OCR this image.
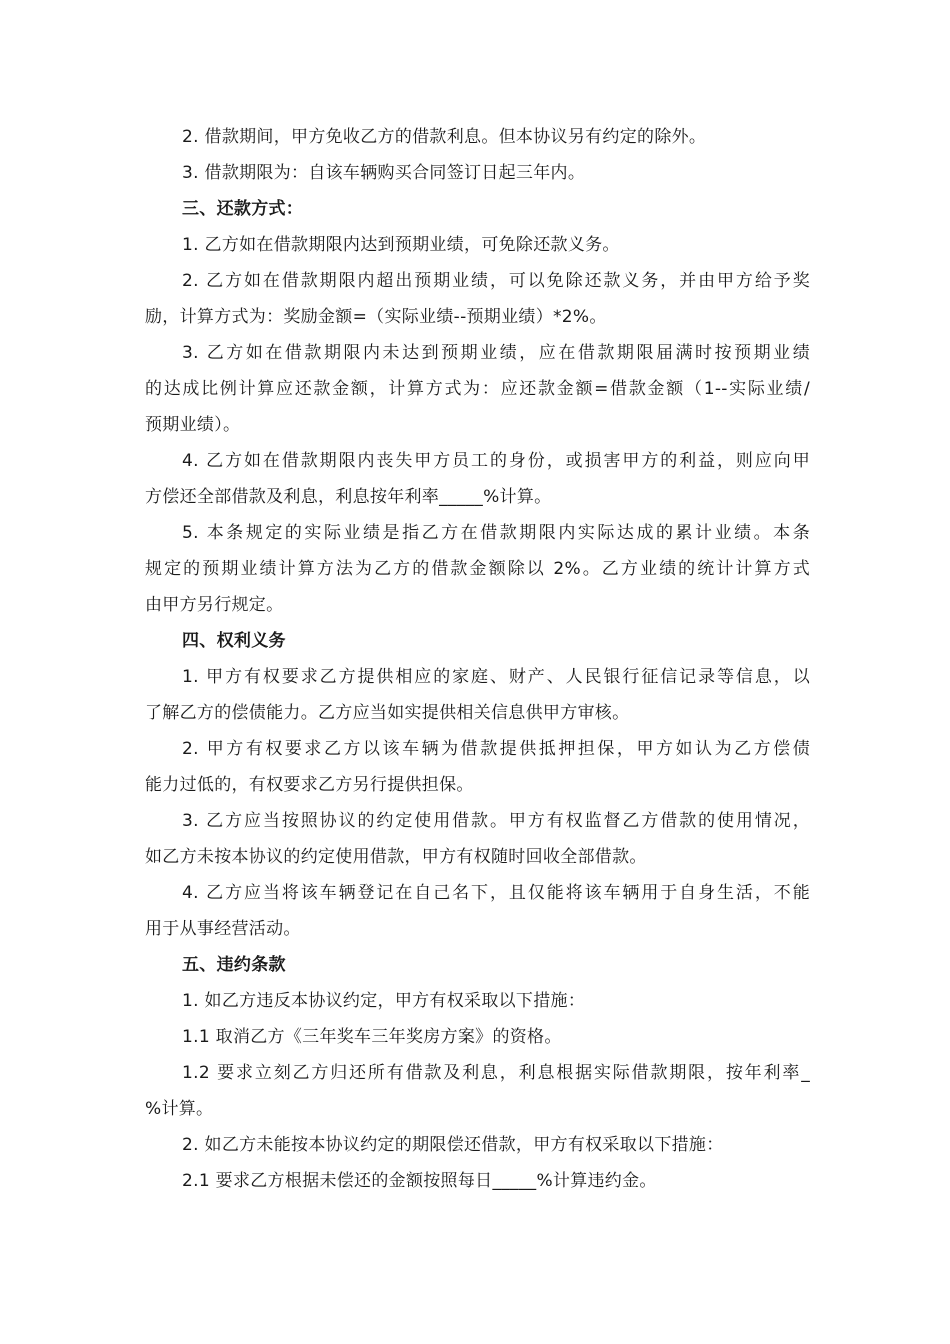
2. 借款期间，甲方免收乙方的借款利息。但本协议另有约定的除外。
3. 借款期限为：自该车辆购买合同签订日起三年内。
三、还款方式：
1. 乙方如在借款期限内达到预期业绩，可免除还款义务。
2. 乙方如在借款期限内超出预期业绩，可以免除还款义务，并由甲方给予奖
励，计算方式为：奖励金额=（实际业绩--预期业绩）*2%。
3. 乙方如在借款期限内未达到预期业绩，应在借款期限届满时按预期业绩
的达成比例计算应还款金额，计算方式为：应还款金额=借款金额（1--实际业绩/
预期业绩）。
4. 乙方如在借款期限内丧失甲方员工的身份，或损害甲方的利益，则应向甲
方偿还全部借款及利息，利息按年利率_____%计算。
5. 本条规定的实际业绩是指乙方在借款期限内实际达成的累计业绩。本条
规定的预期业绩计算方法为乙方的借款金额除以 2%。乙方业绩的统计计算方式
由甲方另行规定。
四、权利义务
1. 甲方有权要求乙方提供相应的家庭、财产、人民银行征信记录等信息，以
了解乙方的偿债能力。乙方应当如实提供相关信息供甲方审核。
2. 甲方有权要求乙方以该车辆为借款提供抵押担保，甲方如认为乙方偿债
能力过低的，有权要求乙方另行提供担保。
3. 乙方应当按照协议的约定使用借款。甲方有权监督乙方借款的使用情况，
如乙方未按本协议的约定使用借款，甲方有权随时回收全部借款。
4. 乙方应当将该车辆登记在自己名下，且仅能将该车辆用于自身生活，不能
用于从事经营活动。
五、违约条款
1. 如乙方违反本协议约定，甲方有权采取以下措施：
1.1 取消乙方《三年奖车三年奖房方案》的资格。
1.2 要求立刻乙方归还所有借款及利息，利息根据实际借款期限，按年利率_
%计算。
2. 如乙方未能按本协议约定的期限偿还借款，甲方有权采取以下措施：
2.1 要求乙方根据未偿还的金额按照每日_____%计算违约金。
